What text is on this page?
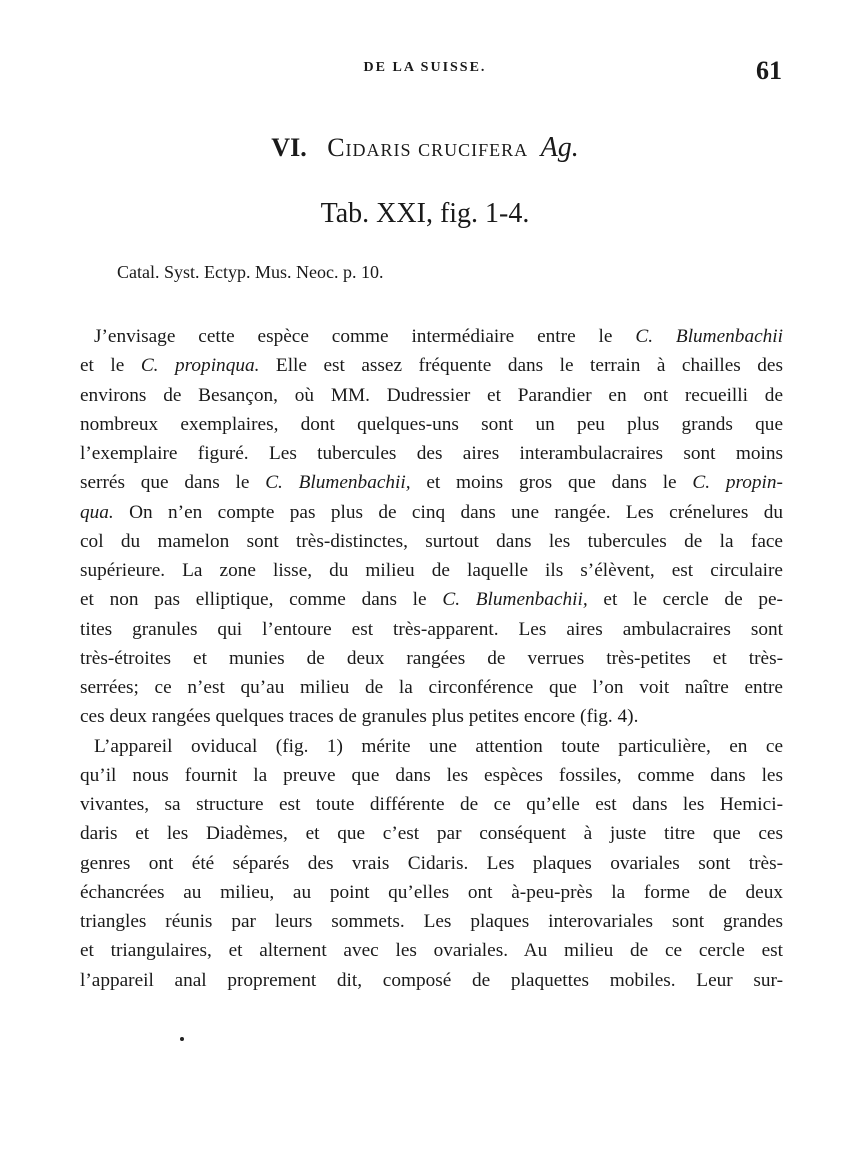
DE LA SUISSE.	61
VI. Cidaris crucifera Ag.
Tab. XXI, fig. 1-4.
Catal. Syst. Ectyp. Mus. Neoc. p. 10.
J’envisage cette espèce comme intermédiaire entre le C. Blumenbachii
et le C. propinqua. Elle est assez fréquente dans le terrain à chailles des
environs de Besançon, où MM. Dudressier et Parandier en ont recueilli de
nombreux exemplaires, dont quelques-uns sont un peu plus grands que
l’exemplaire figuré. Les tubercules des aires interambulacraires sont moins
serrés que dans le C. Blumenbachii, et moins gros que dans le C. propin-
qua. On n’en compte pas plus de cinq dans une rangée. Les crénelures du
col du mamelon sont très-distinctes, surtout dans les tubercules de la face
supérieure. La zone lisse, du milieu de laquelle ils s’élèvent, est circulaire
et non pas elliptique, comme dans le C. Blumenbachii, et le cercle de pe-
tites granules qui l’entoure est très-apparent. Les aires ambulacraires sont
très-étroites et munies de deux rangées de verrues très-petites et très-
serrées; ce n’est qu’au milieu de la circonférence que l’on voit naître entre
ces deux rangées quelques traces de granules plus petites encore (fig. 4).
L’appareil oviducal (fig. 1) mérite une attention toute particulière, en ce
qu’il nous fournit la preuve que dans les espèces fossiles, comme dans les
vivantes, sa structure est toute différente de ce qu’elle est dans les Hemici-
daris et les Diadèmes, et que c’est par conséquent à juste titre que ces
genres ont été séparés des vrais Cidaris. Les plaques ovariales sont très-
échancrées au milieu, au point qu’elles ont à-peu-près la forme de deux
triangles réunis par leurs sommets. Les plaques interovariales sont grandes
et triangulaires, et alternent avec les ovariales. Au milieu de ce cercle est
l’appareil anal proprement dit, composé de plaquettes mobiles. Leur sur-
